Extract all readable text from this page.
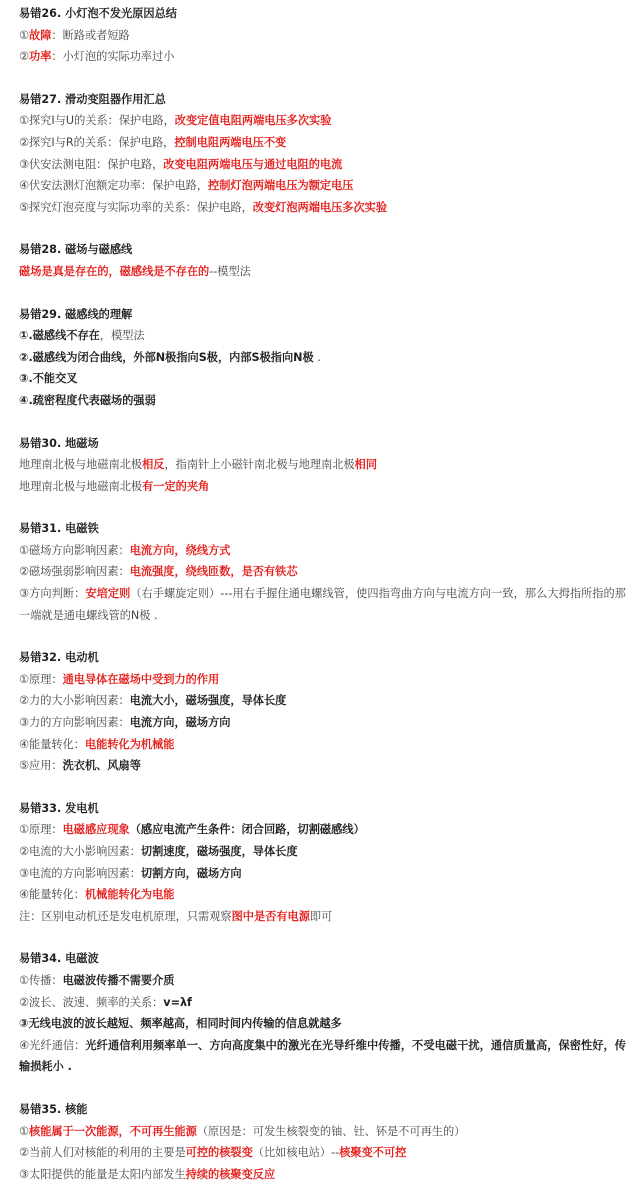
易错26. 小灯泡不发光原因总结
①故障：断路或者短路
②功率：小灯泡的实际功率过小
易错27. 滑动变阻器作用汇总
①探究I与U的关系：保护电路，改变定值电阻两端电压多次实验
②探究I与R的关系：保护电路，控制电阻两端电压不变
③伏安法测电阻：保护电路，改变电阻两端电压与通过电阻的电流
④伏安法测灯泡额定功率：保护电路，控制灯泡两端电压为额定电压
⑤探究灯泡亮度与实际功率的关系：保护电路，改变灯泡两端电压多次实验
易错28. 磁场与磁感线
磁场是真是存在的，磁感线是不存在的--模型法
易错29. 磁感线的理解
①.磁感线不存在，模型法
②.磁感线为闭合曲线，外部N极指向S极，内部S极指向N极 .
③.不能交叉
④.疏密程度代表磁场的强弱
易错30. 地磁场
地理南北极与地磁南北极相反，指南针上小磁针南北极与地理南北极相同
地理南北极与地磁南北极有一定的夹角
易错31. 电磁铁
①磁场方向影响因素：电流方向，绕线方式
②磁场强弱影响因素：电流强度，绕线匝数，是否有铁芯
③方向判断：安培定则（右手螺旋定则）---用右手握住通电螺线管，使四指弯曲方向与电流方向一致，那么大拇指所指的那一端就是通电螺线管的N极 .
易错32. 电动机
①原理：通电导体在磁场中受到力的作用
②力的大小影响因素：电流大小，磁场强度，导体长度
③力的方向影响因素：电流方向，磁场方向
④能量转化：电能转化为机械能
⑤应用：洗衣机、风扇等
易错33. 发电机
①原理：电磁感应现象（感应电流产生条件：闭合回路，切割磁感线）
②电流的大小影响因素：切割速度，磁场强度，导体长度
③电流的方向影响因素：切割方向，磁场方向
④能量转化：机械能转化为电能
注：区别电动机还是发电机原理，只需观察图中是否有电源即可
易错34. 电磁波
①传播：电磁波传播不需要介质
②波长、波速、频率的关系：v=λf
③无线电波的波长越短、频率越高，相同时间内传输的信息就越多
④光纤通信：光纤通信利用频率单一、方向高度集中的激光在光导纤维中传播，不受电磁干扰，通信质量高，保密性好，传输损耗小 .
易错35. 核能
①核能属于一次能源，不可再生能源（原因是：可发生核裂变的铀、钍、钚是不可再生的）
②当前人们对核能的利用的主要是可控的核裂变（比如核电站）--核聚变不可控
③太阳提供的能量是太阳内部发生持续的核聚变反应
